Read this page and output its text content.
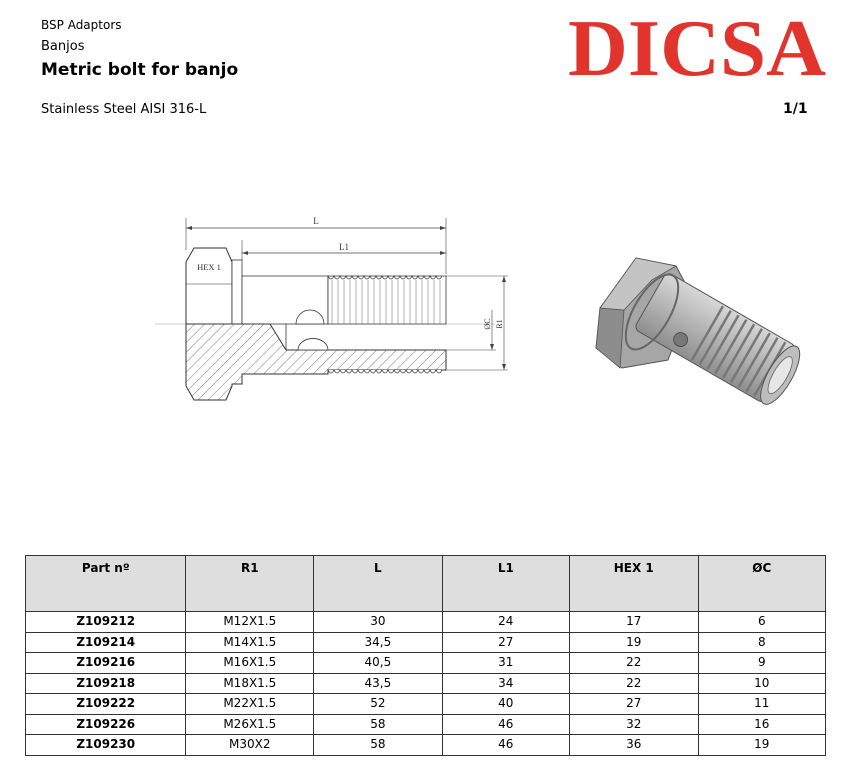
BSP Adaptors
Banjos
Metric bolt for banjo
Stainless Steel AISI 316-L	1/1
DICSA
L
L1
HEX 1
ØC R1
Part nº	R1	L	L1	HEX 1	ØC
Z109212	M12X1.5	30	24	17	6
Z109214	M14X1.5	34,5	27	19	8
Z109216	M16X1.5	40,5	31	22	9
Z109218	M18X1.5	43,5	34	22	10
Z109222	M22X1.5	52	40	27	11
Z109226	M26X1.5	58	46	32	16
Z109230	M30X2	58	46	36	19
